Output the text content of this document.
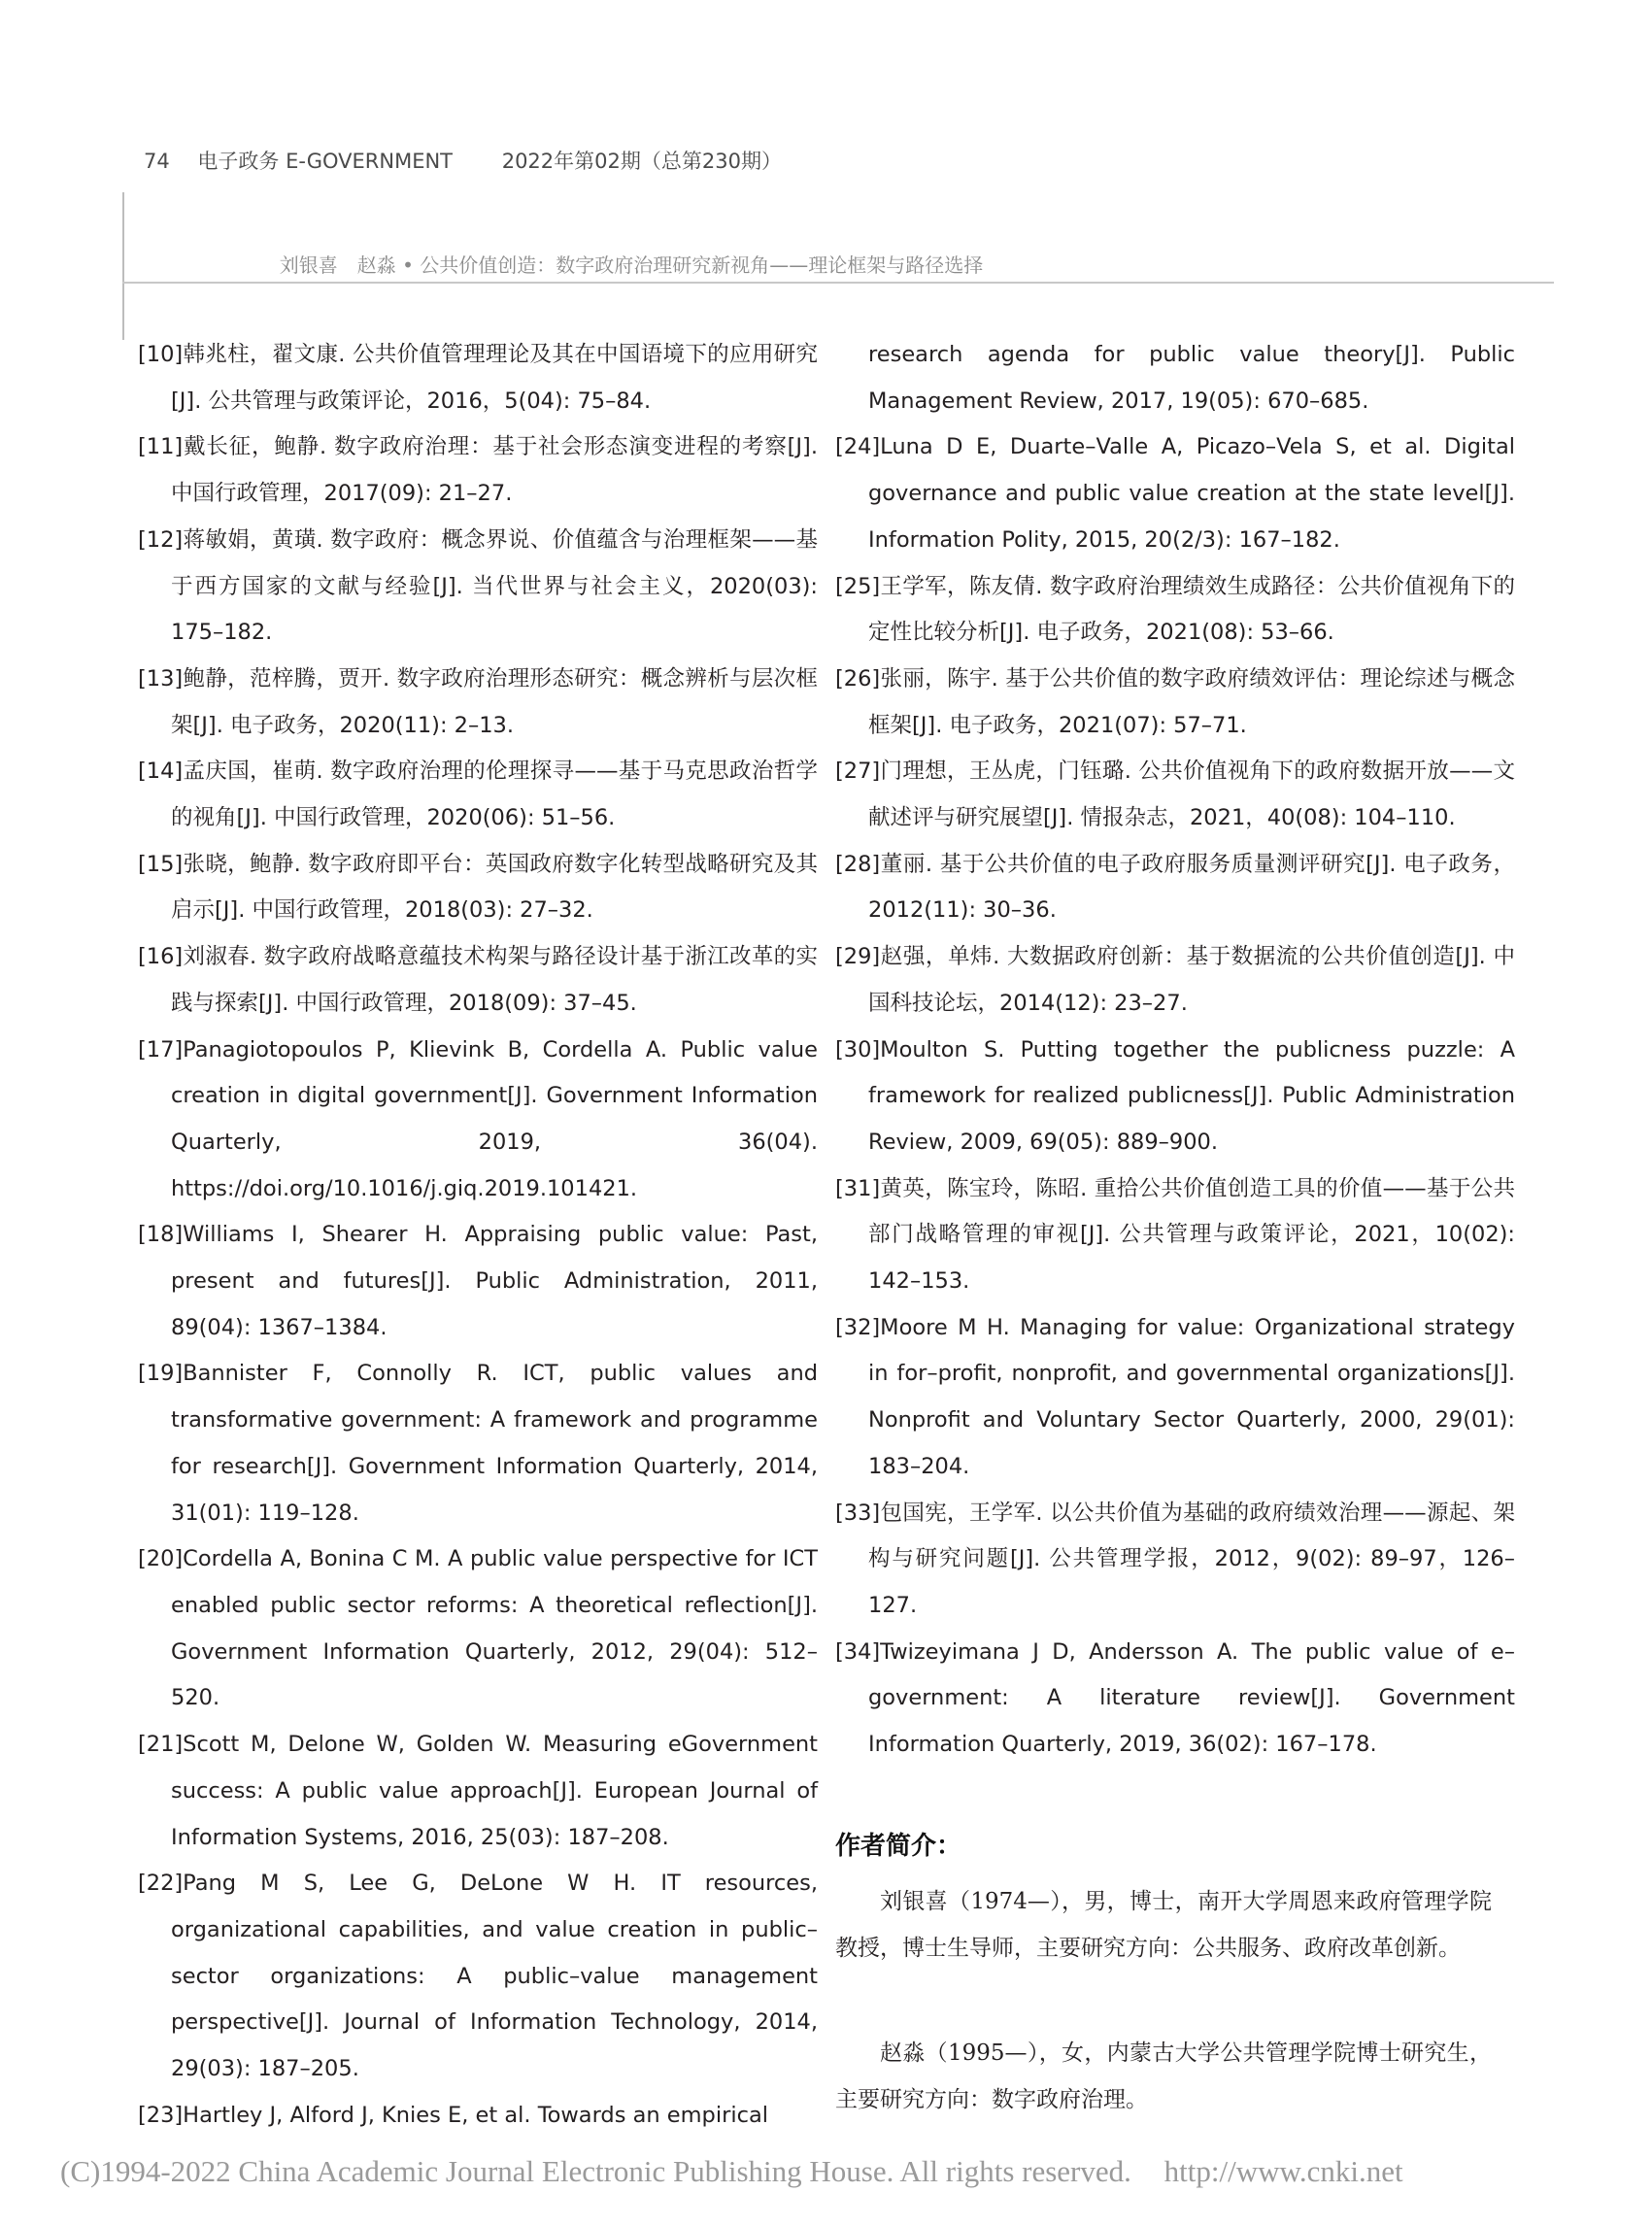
74 电子政务 E-GOVERNMENT 2022年第02期（总第230期）
刘银喜　赵淼 • 公共价值创造：数字政府治理研究新视角——理论框架与路径选择
[10]韩兆柱，翟文康. 公共价值管理理论及其在中国语境下的应用研究[J]. 公共管理与政策评论，2016，5(04): 75–84.
[11]戴长征，鲍静. 数字政府治理：基于社会形态演变进程的考察[J]. 中国行政管理，2017(09): 21–27.
[12]蒋敏娟，黄璜. 数字政府：概念界说、价值蕴含与治理框架——基于西方国家的文献与经验[J]. 当代世界与社会主义，2020(03): 175–182.
[13]鲍静，范梓腾，贾开. 数字政府治理形态研究：概念辨析与层次框架[J]. 电子政务，2020(11): 2–13.
[14]孟庆国，崔萌. 数字政府治理的伦理探寻——基于马克思政治哲学的视角[J]. 中国行政管理，2020(06): 51–56.
[15]张晓，鲍静. 数字政府即平台：英国政府数字化转型战略研究及其启示[J]. 中国行政管理，2018(03): 27–32.
[16]刘淑春. 数字政府战略意蕴技术构架与路径设计基于浙江改革的实践与探索[J]. 中国行政管理，2018(09): 37–45.
[17]Panagiotopoulos P, Klievink B, Cordella A. Public value creation in digital government[J]. Government Information Quarterly, 2019, 36(04). https://doi.org/10.1016/j.giq.2019.101421.
[18]Williams I, Shearer H. Appraising public value: Past, present and futures[J]. Public Administration, 2011, 89(04): 1367–1384.
[19]Bannister F, Connolly R. ICT, public values and transformative government: A framework and programme for research[J]. Government Information Quarterly, 2014, 31(01): 119–128.
[20]Cordella A, Bonina C M. A public value perspective for ICT enabled public sector reforms: A theoretical reflection[J]. Government Information Quarterly, 2012, 29(04): 512–520.
[21]Scott M, Delone W, Golden W. Measuring eGovernment success: A public value approach[J]. European Journal of Information Systems, 2016, 25(03): 187–208.
[22]Pang M S, Lee G, DeLone W H. IT resources, organizational capabilities, and value creation in public–sector organizations: A public–value management perspective[J]. Journal of Information Technology, 2014, 29(03): 187–205.
[23]Hartley J, Alford J, Knies E, et al. Towards an empirical
research agenda for public value theory[J]. Public Management Review, 2017, 19(05): 670–685.
[24]Luna D E, Duarte–Valle A, Picazo–Vela S, et al. Digital governance and public value creation at the state level[J]. Information Polity, 2015, 20(2/3): 167–182.
[25]王学军，陈友倩. 数字政府治理绩效生成路径：公共价值视角下的定性比较分析[J]. 电子政务，2021(08): 53–66.
[26]张丽，陈宇. 基于公共价值的数字政府绩效评估：理论综述与概念框架[J]. 电子政务，2021(07): 57–71.
[27]门理想，王丛虎，门钰璐. 公共价值视角下的政府数据开放——文献述评与研究展望[J]. 情报杂志，2021，40(08): 104–110.
[28]董丽. 基于公共价值的电子政府服务质量测评研究[J]. 电子政务，2012(11): 30–36.
[29]赵强，单炜. 大数据政府创新：基于数据流的公共价值创造[J]. 中国科技论坛，2014(12): 23–27.
[30]Moulton S. Putting together the publicness puzzle: A framework for realized publicness[J]. Public Administration Review, 2009, 69(05): 889–900.
[31]黄英，陈宝玲，陈昭. 重拾公共价值创造工具的价值——基于公共部门战略管理的审视[J]. 公共管理与政策评论，2021，10(02): 142–153.
[32]Moore M H. Managing for value: Organizational strategy in for–profit, nonprofit, and governmental organizations[J]. Nonprofit and Voluntary Sector Quarterly, 2000, 29(01): 183–204.
[33]包国宪，王学军. 以公共价值为基础的政府绩效治理——源起、架构与研究问题[J]. 公共管理学报，2012，9(02): 89–97，126–127.
[34]Twizeyimana J D, Andersson A. The public value of e–government: A literature review[J]. Government Information Quarterly, 2019, 36(02): 167–178.
作者简介：

刘银喜（1974—），男，博士，南开大学周恩来政府管理学院教授，博士生导师，主要研究方向：公共服务、政府改革创新。

赵淼（1995—），女，内蒙古大学公共管理学院博士研究生，主要研究方向：数字政府治理。

(C)1994-2022 China Academic Journal Electronic Publishing House. All rights reserved. http://www.cnki.net
